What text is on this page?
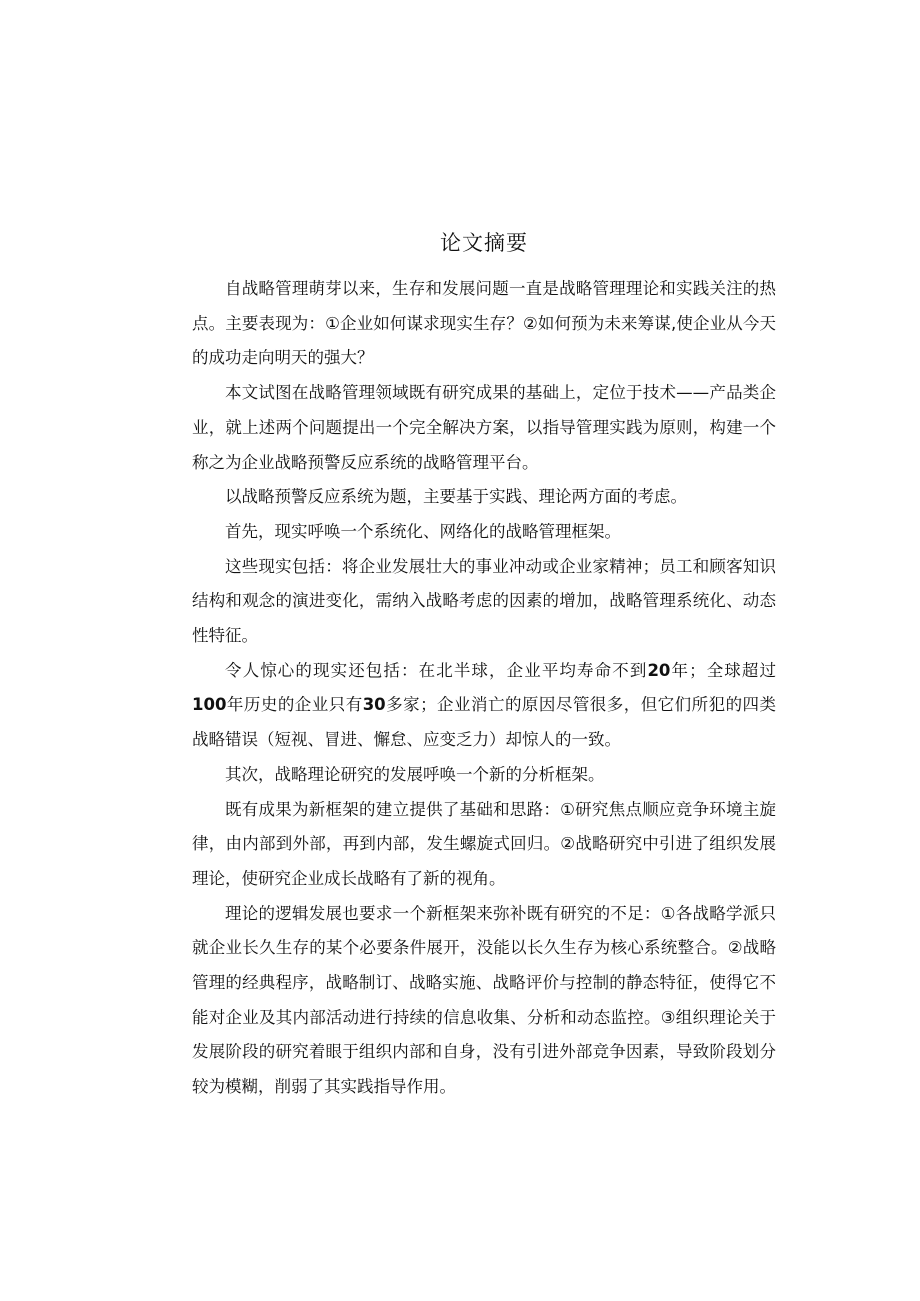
论文摘要

自战略管理萌芽以来，生存和发展问题一直是战略管理理论和实践关注的热点。主要表现为：①企业如何谋求现实生存？②如何预为未来筹谋,使企业从今天的成功走向明天的强大？

本文试图在战略管理领域既有研究成果的基础上，定位于技术——产品类企业，就上述两个问题提出一个完全解决方案，以指导管理实践为原则，构建一个称之为企业战略预警反应系统的战略管理平台。

以战略预警反应系统为题，主要基于实践、理论两方面的考虑。

首先，现实呼唤一个系统化、网络化的战略管理框架。

这些现实包括：将企业发展壮大的事业冲动或企业家精神；员工和顾客知识结构和观念的演进变化，需纳入战略考虑的因素的增加，战略管理系统化、动态性特征。

令人惊心的现实还包括：在北半球，企业平均寿命不到20年；全球超过100年历史的企业只有30多家；企业消亡的原因尽管很多，但它们所犯的四类战略错误（短视、冒进、懈怠、应变乏力）却惊人的一致。

其次，战略理论研究的发展呼唤一个新的分析框架。

既有成果为新框架的建立提供了基础和思路：①研究焦点顺应竞争环境主旋律，由内部到外部，再到内部，发生螺旋式回归。②战略研究中引进了组织发展理论，使研究企业成长战略有了新的视角。

理论的逻辑发展也要求一个新框架来弥补既有研究的不足：①各战略学派只就企业长久生存的某个必要条件展开，没能以长久生存为核心系统整合。②战略管理的经典程序，战略制订、战略实施、战略评价与控制的静态特征，使得它不能对企业及其内部活动进行持续的信息收集、分析和动态监控。③组织理论关于发展阶段的研究着眼于组织内部和自身，没有引进外部竞争因素，导致阶段划分较为模糊，削弱了其实践指导作用。
